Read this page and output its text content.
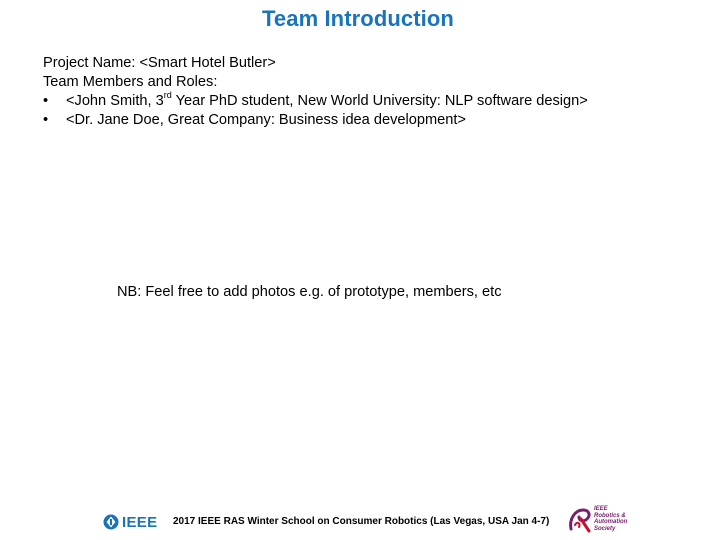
Team Introduction
Project Name: <Smart Hotel Butler>
Team Members and Roles:
• <John Smith, 3rd Year PhD student, New World University: NLP software design>
• <Dr. Jane Doe, Great Company: Business idea development>
NB: Feel free to add photos e.g. of prototype, members, etc
IEEE 2017 IEEE RAS Winter School on Consumer Robotics (Las Vegas, USA Jan 4-7)
IEEE
Robotics &
Automation
Society
